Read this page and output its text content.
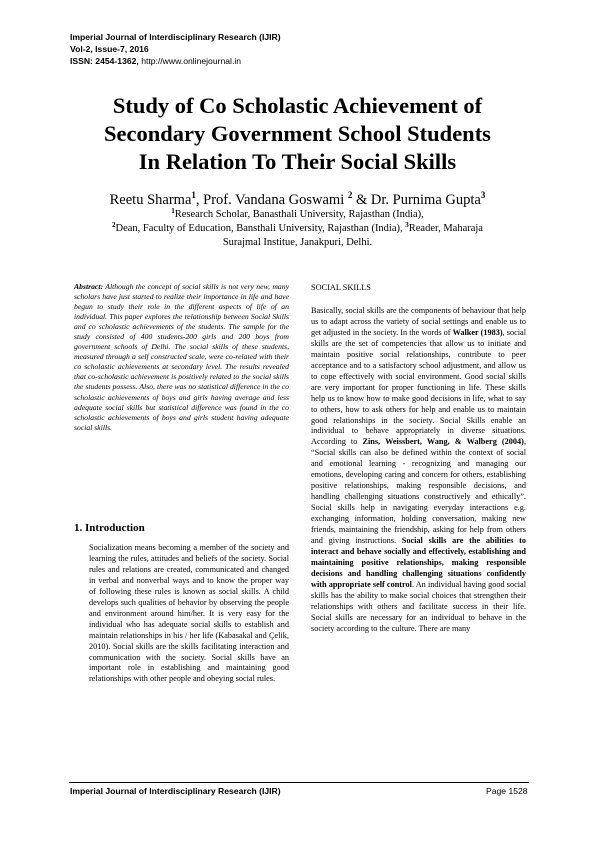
Imperial Journal of Interdisciplinary Research (IJIR)
Vol-2, Issue-7, 2016
ISSN: 2454-1362, http://www.onlinejournal.in
Study of Co Scholastic Achievement of
Secondary Government School Students
In Relation To Their Social Skills
Reetu Sharma$^1$, Prof. Vandana Goswami $^2$ & Dr. Purnima Gupta$^3$
$^1$Research Scholar, Banasthali University, Rajasthan (India),
$^2$Dean, Faculty of Education, Bansthali University, Rajasthan (India), $^3$Reader, Maharaja
Surajmal Institue, Janakpuri, Delhi.

Abstract: Although the concept of social skills is not very new, many scholars have just started to realize their importance in life and have begun to study their role in the different aspects of life of an individual. This paper explores the relationship between Social Skills and co scholastic achievements of the students. The sample for the study consisted of 400 students-200 girls and 200 boys from government schools of Delhi. The social skills of these students, measured through a self constructed scale, were co-related with their co scholastic achievements at secondary level. The results revealed that co-scholastic achievement is positively related to the social skills the students possess. Also, there was no statistical difference in the co scholastic achievements of boys and girls having average and less adequate social skills but statistical difference was found in the co scholastic achievements of boys and girls student having adequate social skills.

1. Introduction

Socialization means becoming a member of the society and learning the rules, attitudes and beliefs of the society. Social rules and relations are created, communicated and changed in verbal and nonverbal ways and to know the proper way of following these rules is known as social skills. A child develops such qualities of behavior by observing the people and environment around him/her. It is very easy for the individual who has adequate social skills to establish and maintain relationships in his / her life (Kabasakal and Çelik, 2010). Social skills are the skills facilitating interaction and communication with the society. Social skills have an important role in establishing and maintaining good relationships with other people and obeying social rules.

SOCIAL SKILLS

Basically, social skills are the components of behaviour that help us to adapt across the variety of social settings and enable us to get adjusted in the society. In the words of Walker (1983), social skills are the set of competencies that allow us to initiate and maintain positive social relationships, contribute to peer acceptance and to a satisfactory school adjustment, and allow us to cope effectively with social environment. Good social skills are very important for proper functioning in life. These skills help us to know how to make good decisions in life, what to say to others, how to ask others for help and enable us to maintain good relationships in the society. Social Skills enable an individual to behave appropriately in diverse situations. According to Zins, Weissbert, Wang, & Walberg (2004), “Social skills can also be defined within the context of social and emotional learning - recognizing and managing our emotions, developing caring and concern for others, establishing positive relationships, making responsible decisions, and handling challenging situations constructively and ethically”. Social skills help in navigating everyday interactions e.g. exchanging information, holding conversation, making new friends, maintaining the friendship, asking for help from others and giving instructions. Social skills are the abilities to interact and behave socially and effectively, establishing and maintaining positive relationships, making responsible decisions and handling challenging situations confidently with appropriate self control. An individual having good social skills has the ability to make social choices that strengthen their relationships with others and facilitate success in their life. Social skills are necessary for an individual to behave in the society according to the culture. There are many

Imperial Journal of Interdisciplinary Research (IJIR)	Page 1528
